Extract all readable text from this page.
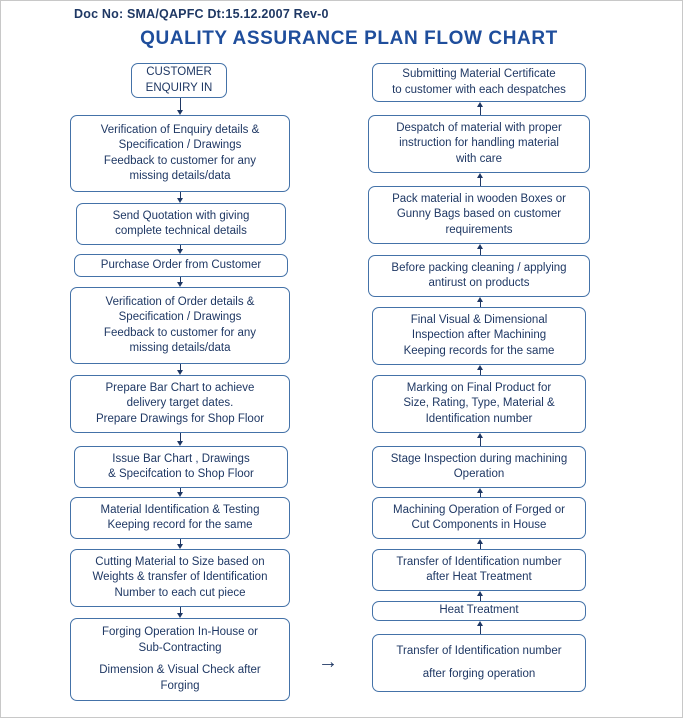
Doc No: SMA/QAPFC Dt:15.12.2007 Rev-0
QUALITY ASSURANCE PLAN FLOW CHART
CUSTOMER
ENQUIRY IN
Verification of Enquiry details &
Specification / Drawings
Feedback to customer for any
missing details/data
Send Quotation with giving
complete technical details
Purchase Order from Customer
Verification of Order details &
Specification / Drawings
Feedback to customer for any
missing details/data
Prepare Bar Chart to achieve
delivery target dates.
Prepare Drawings for Shop Floor
Issue Bar Chart , Drawings
& Specifcation to Shop Floor
Material Identification & Testing
Keeping record for the same
Cutting Material to Size based on
Weights & transfer of Identification
Number to each cut piece
Forging Operation In-House or
Sub-Contracting
Dimension & Visual Check after
Forging
→
Submitting Material Certificate
to customer with each despatches
Despatch of material with proper
instruction for handling material
with care
Pack material in wooden Boxes or
Gunny Bags based on customer
requirements
Before packing cleaning / applying
antirust on products
Final Visual & Dimensional
Inspection after Machining
Keeping records for the same
Marking on Final Product for
Size, Rating, Type, Material &
Identification number
Stage Inspection during machining
Operation
Machining Operation of Forged or
Cut Components in House
Transfer of Identification number
after Heat Treatment
Heat Treatment
Transfer of Identification number
after forging operation
